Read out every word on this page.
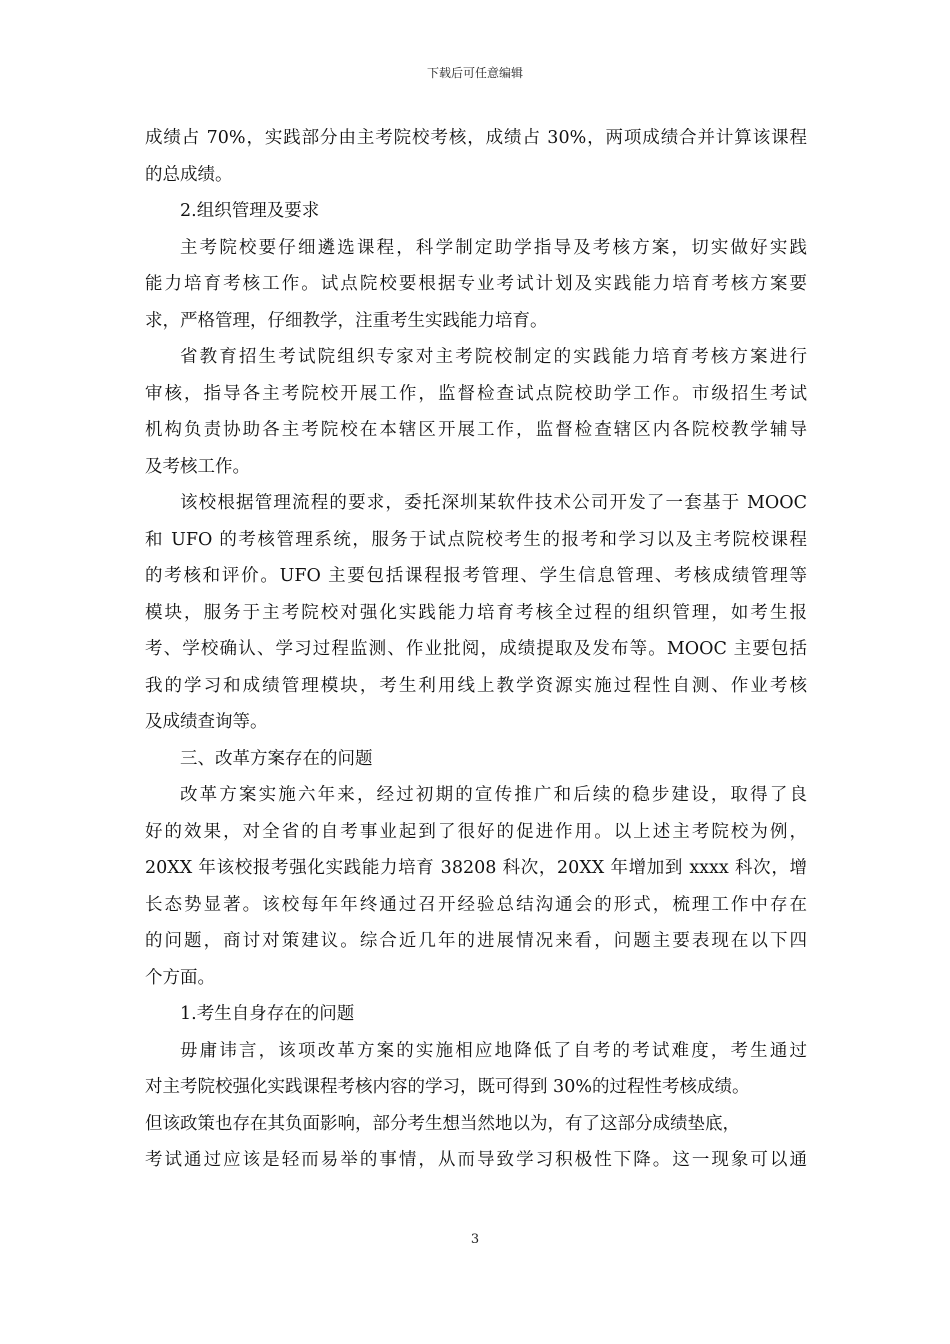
下载后可任意编辑
成绩占 70%，实践部分由主考院校考核，成绩占 30%，两项成绩合并计算该课程
的总成绩。
2.组织管理及要求
主考院校要仔细遴选课程，科学制定助学指导及考核方案，切实做好实践
能力培育考核工作。试点院校要根据专业考试计划及实践能力培育考核方案要
求，严格管理，仔细教学，注重考生实践能力培育。
省教育招生考试院组织专家对主考院校制定的实践能力培育考核方案进行
审核，指导各主考院校开展工作，监督检查试点院校助学工作。市级招生考试
机构负责协助各主考院校在本辖区开展工作，监督检查辖区内各院校教学辅导
及考核工作。
该校根据管理流程的要求，委托深圳某软件技术公司开发了一套基于 MOOC
和 UFO 的考核管理系统，服务于试点院校考生的报考和学习以及主考院校课程
的考核和评价。UFO 主要包括课程报考管理、学生信息管理、考核成绩管理等
模块，服务于主考院校对强化实践能力培育考核全过程的组织管理，如考生报
考、学校确认、学习过程监测、作业批阅，成绩提取及发布等。MOOC 主要包括
我的学习和成绩管理模块，考生利用线上教学资源实施过程性自测、作业考核
及成绩查询等。
三、改革方案存在的问题
改革方案实施六年来，经过初期的宣传推广和后续的稳步建设，取得了良
好的效果，对全省的自考事业起到了很好的促进作用。以上述主考院校为例，
20XX 年该校报考强化实践能力培育 38208 科次，20XX 年增加到 xxxx 科次，增
长态势显著。该校每年年终通过召开经验总结沟通会的形式，梳理工作中存在
的问题，商讨对策建议。综合近几年的进展情况来看，问题主要表现在以下四
个方面。
1.考生自身存在的问题
毋庸讳言，该项改革方案的实施相应地降低了自考的考试难度，考生通过
对主考院校强化实践课程考核内容的学习，既可得到 30%的过程性考核成绩。
但该政策也存在其负面影响，部分考生想当然地以为，有了这部分成绩垫底，
考试通过应该是轻而易举的事情，从而导致学习积极性下降。这一现象可以通
3
